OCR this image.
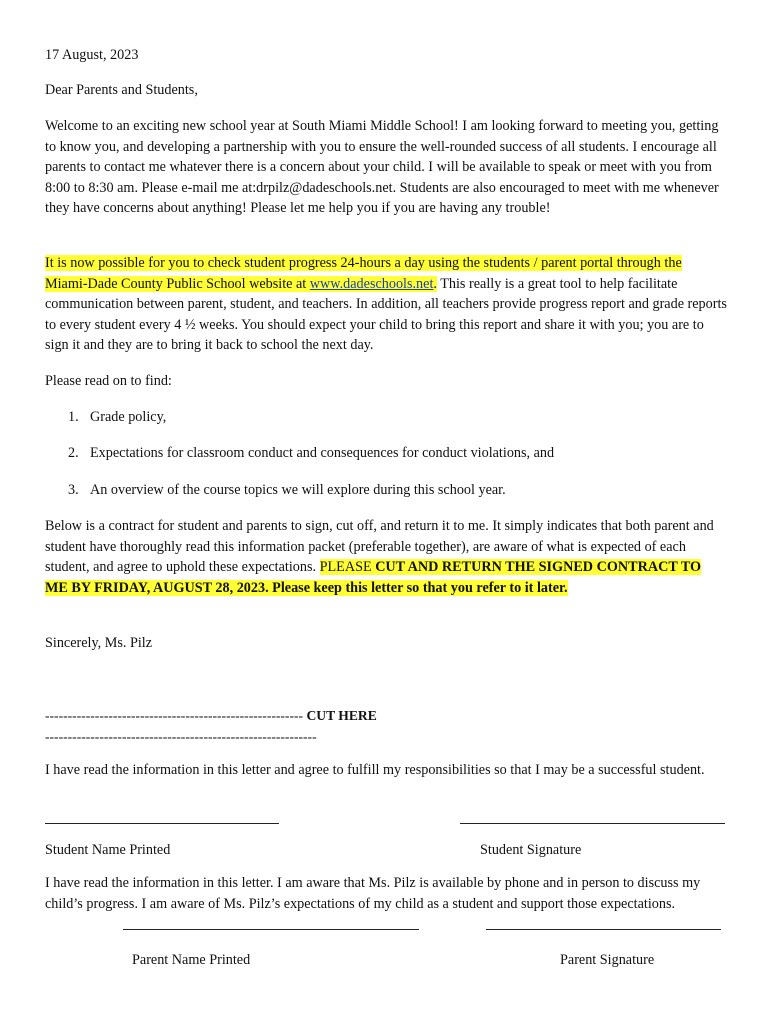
17 August, 2023

Dear Parents and Students,

Welcome to an exciting new school year at South Miami Middle School! I am looking forward to meeting you, getting to know you, and developing a partnership with you to ensure the well-rounded success of all students. I encourage all parents to contact me whatever there is a concern about your child. I will be available to speak or meet with you from 8:00 to 8:30 am. Please e-mail me at:drpilz@dadeschools.net. Students are also encouraged to meet with me whenever they have concerns about anything! Please let me help you if you are having any trouble!

It is now possible for you to check student progress 24-hours a day using the students / parent portal through the Miami-Dade County Public School website at www.dadeschools.net. This really is a great tool to help facilitate communication between parent, student, and teachers. In addition, all teachers provide progress report and grade reports to every student every 4 ½ weeks. You should expect your child to bring this report and share it with you; you are to sign it and they are to bring it back to school the next day.

Please read on to find:

1. Grade policy,
2. Expectations for classroom conduct and consequences for conduct violations, and
3. An overview of the course topics we will explore during this school year.

Below is a contract for student and parents to sign, cut off, and return it to me. It simply indicates that both parent and student have thoroughly read this information packet (preferable together), are aware of what is expected of each student, and agree to uphold these expectations. PLEASE CUT AND RETURN THE SIGNED CONTRACT TO ME BY FRIDAY, AUGUST 28, 2023. Please keep this letter so that you refer to it later.

Sincerely, Ms. Pilz

--------------------------------------------------------- CUT HERE
------------------------------------------------------------

I have read the information in this letter and agree to fulfill my responsibilities so that I may be a successful student.

Student Name Printed	Student Signature

I have read the information in this letter. I am aware that Ms. Pilz is available by phone and in person to discuss my child’s progress. I am aware of Ms. Pilz’s expectations of my child as a student and support those expectations.

Parent Name Printed	Parent Signature
